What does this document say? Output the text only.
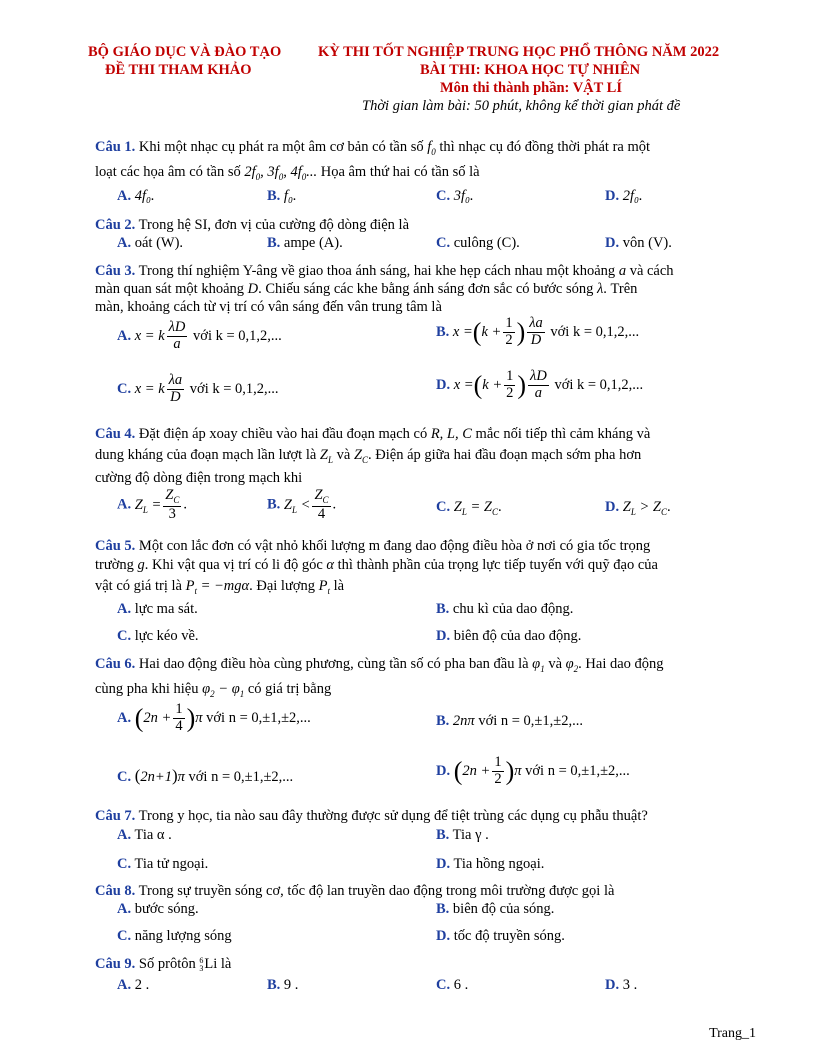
BỘ GIÁO DỤC VÀ ĐÀO TẠO	KỲ THI TỐT NGHIỆP TRUNG HỌC PHỔ THÔNG NĂM 2022
ĐỀ THI THAM KHẢO	BÀI THI: KHOA HỌC TỰ NHIÊN
Môn thi thành phần: VẬT LÍ
Thời gian làm bài: 50 phút, không kể thời gian phát đề
Câu 1. Khi một nhạc cụ phát ra một âm cơ bản có tần số $f_0$ thì nhạc cụ đó đồng thời phát ra một
loạt các họa âm có tần số $2f_0$, $3f_0$, $4f_0$... Họa âm thứ hai có tần số là
A. 4f₀.	B. f₀.	C. 3f₀.	D. 2f₀.
Câu 2. Trong hệ SI, đơn vị của cường độ dòng điện là
A. oát (W).	B. ampe (A).	C. culông (C).	D. vôn (V).
Câu 3. Trong thí nghiệm Y-âng về giao thoa ánh sáng, hai khe hẹp cách nhau một khoảng a và cách
màn quan sát một khoảng D. Chiếu sáng các khe bằng ánh sáng đơn sắc có bước sóng λ. Trên
màn, khoảng cách từ vị trí có vân sáng đến vân trung tâm là
A. x = k $\frac{\lambda D}{a}$ với k = 0,1,2,...	B. $x =(k + \frac{1}{2}$ ) $\frac{\lambda a}{D}$ với k = 0,1,2,...
C. x = k $\frac{\lambda a}{D}$ với k = 0,1,2,...	D. $x =(k + \frac{1}{2}$ ) $\frac{\lambda D}{a}$ với k = 0,1,2,...
Câu 4. Đặt điện áp xoay chiều vào hai đầu đoạn mạch có R, L, C mắc nối tiếp thì cảm kháng và
dung kháng của đoạn mạch lần lượt là $Z_L$ và $Z_C$. Điện áp giữa hai đầu đoạn mạch sớm pha hơn
cường độ dòng điện trong mạch khi
A. $Z_L = \frac{Z_C}{3}$ .	B. $Z_L < \frac{Z_C}{4}$ .	C. $Z_L = Z_C$.	D. $Z_L > Z_C$.
Câu 5. Một con lắc đơn có vật nhỏ khối lượng m đang dao động điều hòa ở nơi có gia tốc trọng
trường g. Khi vật qua vị trí có li độ góc α thì thành phần của trọng lực tiếp tuyến với quỹ đạo của
vật có giá trị là $P_t = -mg\alpha$. Đại lượng $P_t$ là
A. lực ma sát.	B. chu kì của dao động.
C. lực kéo về.	D. biên độ của dao động.
Câu 6. Hai dao động điều hòa cùng phương, cùng tần số có pha ban đầu là $\varphi_1$ và $\varphi_2$. Hai dao động
cùng pha khi hiệu $\varphi_2 - \varphi_1$ có giá trị bằng
A. $(2n + \frac{1}{4} )\pi$ với n = 0,±1,±2,...	B. 2nπ với n = 0,±1,±2,...
C. (2n+1)π với n = 0,±1,±2,...	D. $(2n + \frac{1}{2} )\pi$ với n = 0,±1,±2,...
Câu 7. Trong y học, tia nào sau đây thường được sử dụng để tiệt trùng các dụng cụ phẫu thuật?
A. Tia α .	B. Tia γ .
C. Tia tử ngoại.	D. Tia hồng ngoại.
Câu 8. Trong sự truyền sóng cơ, tốc độ lan truyền dao động trong môi trường được gọi là
A. bước sóng.	B. biên độ của sóng.
C. năng lượng sóng	D. tốc độ truyền sóng.
Câu 9. Số prôtôn 6
3 Li là
A. 2 .	B. 9 .	C. 6 .	D. 3 .
Trang_1
